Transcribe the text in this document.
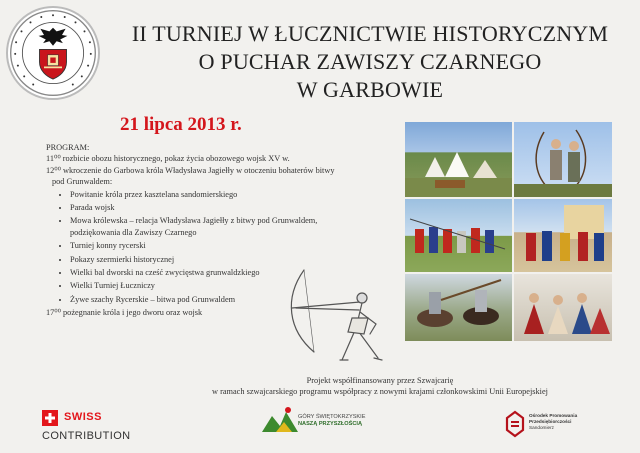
II TURNIEJ W ŁUCZNICTWIE HISTORYCZNYM
O PUCHAR ZAWISZY CZARNEGO
W GARBOWIE
21 lipca 2013 r.

PROGRAM:

11⁰⁰ rozbicie obozu historycznego, pokaz życia obozowego wojsk XV w.

12⁰⁰ wkroczenie do Garbowa króla Władysława Jagiełły w otoczeniu bohaterów bitwy

pod Grunwaldem:

• Powitanie króla przez kasztelana sandomierskiego
• Parada wojsk
• Mowa królewska – relacja Władysława Jagiełły z bitwy pod Grunwaldem, podziękowania dla Zawiszy Czarnego
• Turniej konny rycerski
• Pokazy szermierki historycznej
• Wielki bal dworski na cześć zwycięstwa grunwaldzkiego
• Wielki Turniej Łuczniczy
• Żywe szachy Rycerskie – bitwa pod Grunwaldem

17⁰⁰ pożegnanie króla i jego dworu oraz wojsk

Projekt współfinansowany przez Szwajcarię
w ramach szwajcarskiego programu współpracy z nowymi krajami członkowskimi Unii Europejskiej
SWISS
CONTRIBUTION
GÓRY ŚWIĘTOKRZYSKIE
NASZĄ PRZYSZŁOŚCIĄ
Ośrodek Promowania
Przedsiębiorczości
Sandomierz
